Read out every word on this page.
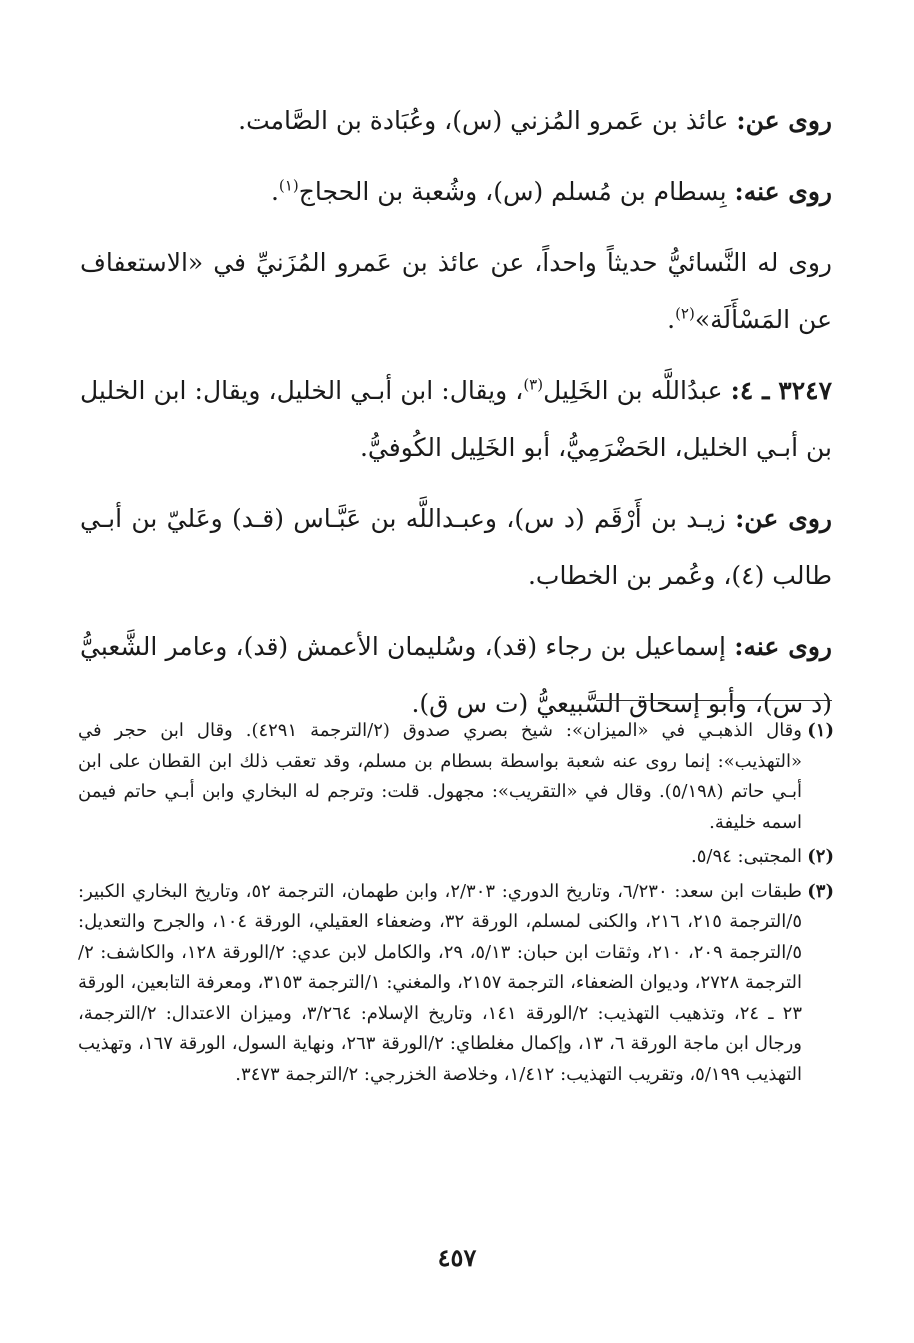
روى عن: عائذ بن عَمرو المُزني (س)، وعُبَادة بن الصَّامت.

روى عنه: بِسطام بن مُسلم (س)، وشُعبة بن الحجاج$^{(١)}$.

روى له النَّسائيُّ حديثاً واحداً، عن عائذ بن عَمرو المُزَنيِّ في «الاستعفاف عن المَسْأَلَة»$^{(٢)}$.

٣٢٤٧ ـ ٤: عبدُاللَّه بن الخَلِيل$^{(٣)}$، ويقال: ابن أبـي الخليل، ويقال: ابن الخليل بن أبـي الخليل، الحَضْرَمِيُّ، أبو الخَلِيل الكُوفيُّ.

روى عن: زيـد بن أَرْقَم (د س)، وعبـداللَّه بن عَبَّـاس (قـد) وعَليّ بن أبـي طالب (٤)، وعُمر بن الخطاب.

روى عنه: إسماعيل بن رجاء (قد)، وسُليمان الأعمش (قد)، وعامر الشَّعبيُّ (د س)، وأبو إسحاق السَّبيعيُّ (ت س ق).

(١)
وقال الذهبـي في «الميزان»: شيخ بصري صدوق (٢/الترجمة ٤٢٩١). وقال ابن حجر في «التهذيب»: إنما روى عنه شعبة بواسطة بسطام بن مسلم، وقد تعقب ذلك ابن القطان على ابن أبـي حاتم (٥/١٩٨). وقال في «التقريب»: مجهول. قلت: وترجم له البخاري وابن أبـي حاتم فيمن اسمه خليفة.
(٢)
المجتبى: ٥/٩٤.
(٣)
طبقات ابن سعد: ٦/٢٣٠، وتاريخ الدوري: ٢/٣٠٣، وابن طهمان، الترجمة ٥٢، وتاريخ البخاري الكبير: ٥/الترجمة ٢١٥، ٢١٦، والكنى لمسلم، الورقة ٣٢، وضعفاء العقيلي، الورقة ١٠٤، والجرح والتعديل: ٥/الترجمة ٢٠٩، ٢١٠، وثقات ابن حبان: ٥/١٣، ٢٩، والكامل لابن عدي: ٢/الورقة ١٢٨، والكاشف: ٢/الترجمة ٢٧٢٨، وديوان الضعفاء، الترجمة ٢١٥٧، والمغني: ١/الترجمة ٣١٥٣، ومعرفة التابعين، الورقة ٢٣ ـ ٢٤، وتذهيب التهذيب: ٢/الورقة ١٤١، وتاريخ الإسلام: ٣/٢٦٤، وميزان الاعتدال: ٢/الترجمة، ورجال ابن ماجة الورقة ٦، ١٣، وإكمال مغلطاي: ٢/الورقة ٢٦٣، ونهاية السول، الورقة ١٦٧، وتهذيب التهذيب ٥/١٩٩، وتقريب التهذيب: ١/٤١٢، وخلاصة الخزرجي: ٢/الترجمة ٣٤٧٣.
٤٥٧
